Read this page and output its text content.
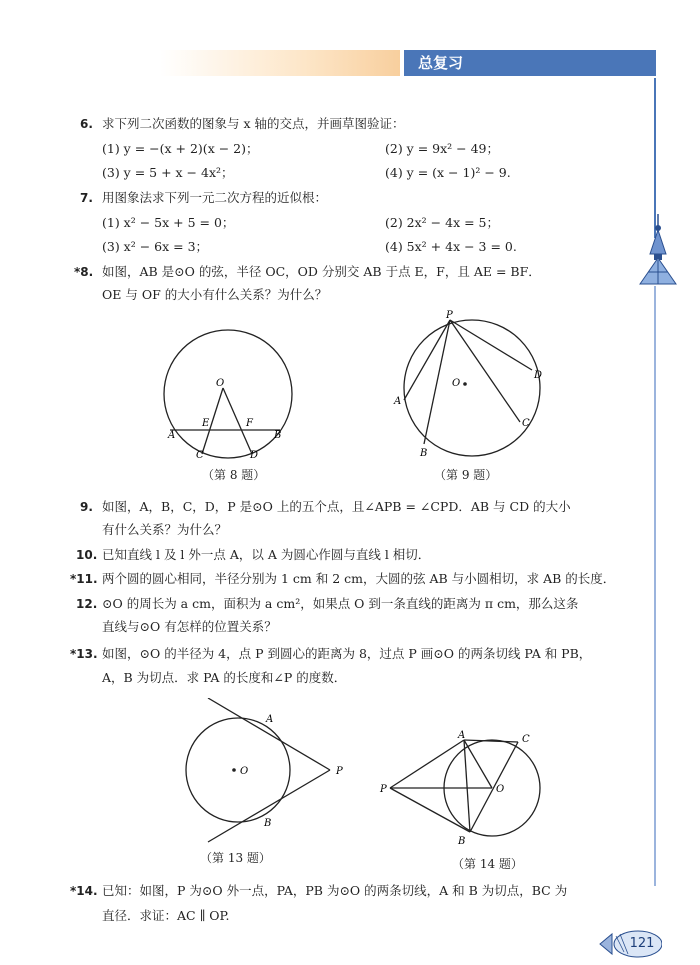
总复习
6. 求下列二次函数的图象与 x 轴的交点，并画草图验证：
(1) y = −(x + 2)(x − 2)；	(2) y = 9x² − 49；
(3) y = 5 + x − 4x²；	(4) y = (x − 1)² − 9.
7. 用图象法求下列一元二次方程的近似根：
(1) x² − 5x + 5 = 0；	(2) 2x² − 4x = 5；
(3) x² − 6x = 3；	(4) 5x² + 4x − 3 = 0.
*8. 如图，AB 是⊙O 的弦，半径 OC，OD 分别交 AB 于点 E，F，且 AE = BF．
OE 与 OF 的大小有什么关系？为什么？
O
A	B
E	F
C	D
（第 8 题）
P
O
A
B
C
D
（第 9 题）
9. 如图，A，B，C，D，P 是⊙O 上的五个点，且∠APB = ∠CPD．AB 与 CD 的大小
有什么关系？为什么？
10. 已知直线 l 及 l 外一点 A，以 A 为圆心作圆与直线 l 相切．
*11. 两个圆的圆心相同，半径分别为 1 cm 和 2 cm，大圆的弦 AB 与小圆相切，求 AB 的长度．
12. ⊙O 的周长为 a cm，面积为 a cm²，如果点 O 到一条直线的距离为 π cm，那么这条
直线与⊙O 有怎样的位置关系？
*13. 如图，⊙O 的半径为 4，点 P 到圆心的距离为 8，过点 P 画⊙O 的两条切线 PA 和 PB，
A，B 为切点．求 PA 的长度和∠P 的度数．
O
A
B
P
（第 13 题）
P
A	C
O
B
（第 14 题）
*14. 已知：如图，P 为⊙O 外一点，PA，PB 为⊙O 的两条切线，A 和 B 为切点，BC 为
直径．求证：AC ∥ OP.
121
